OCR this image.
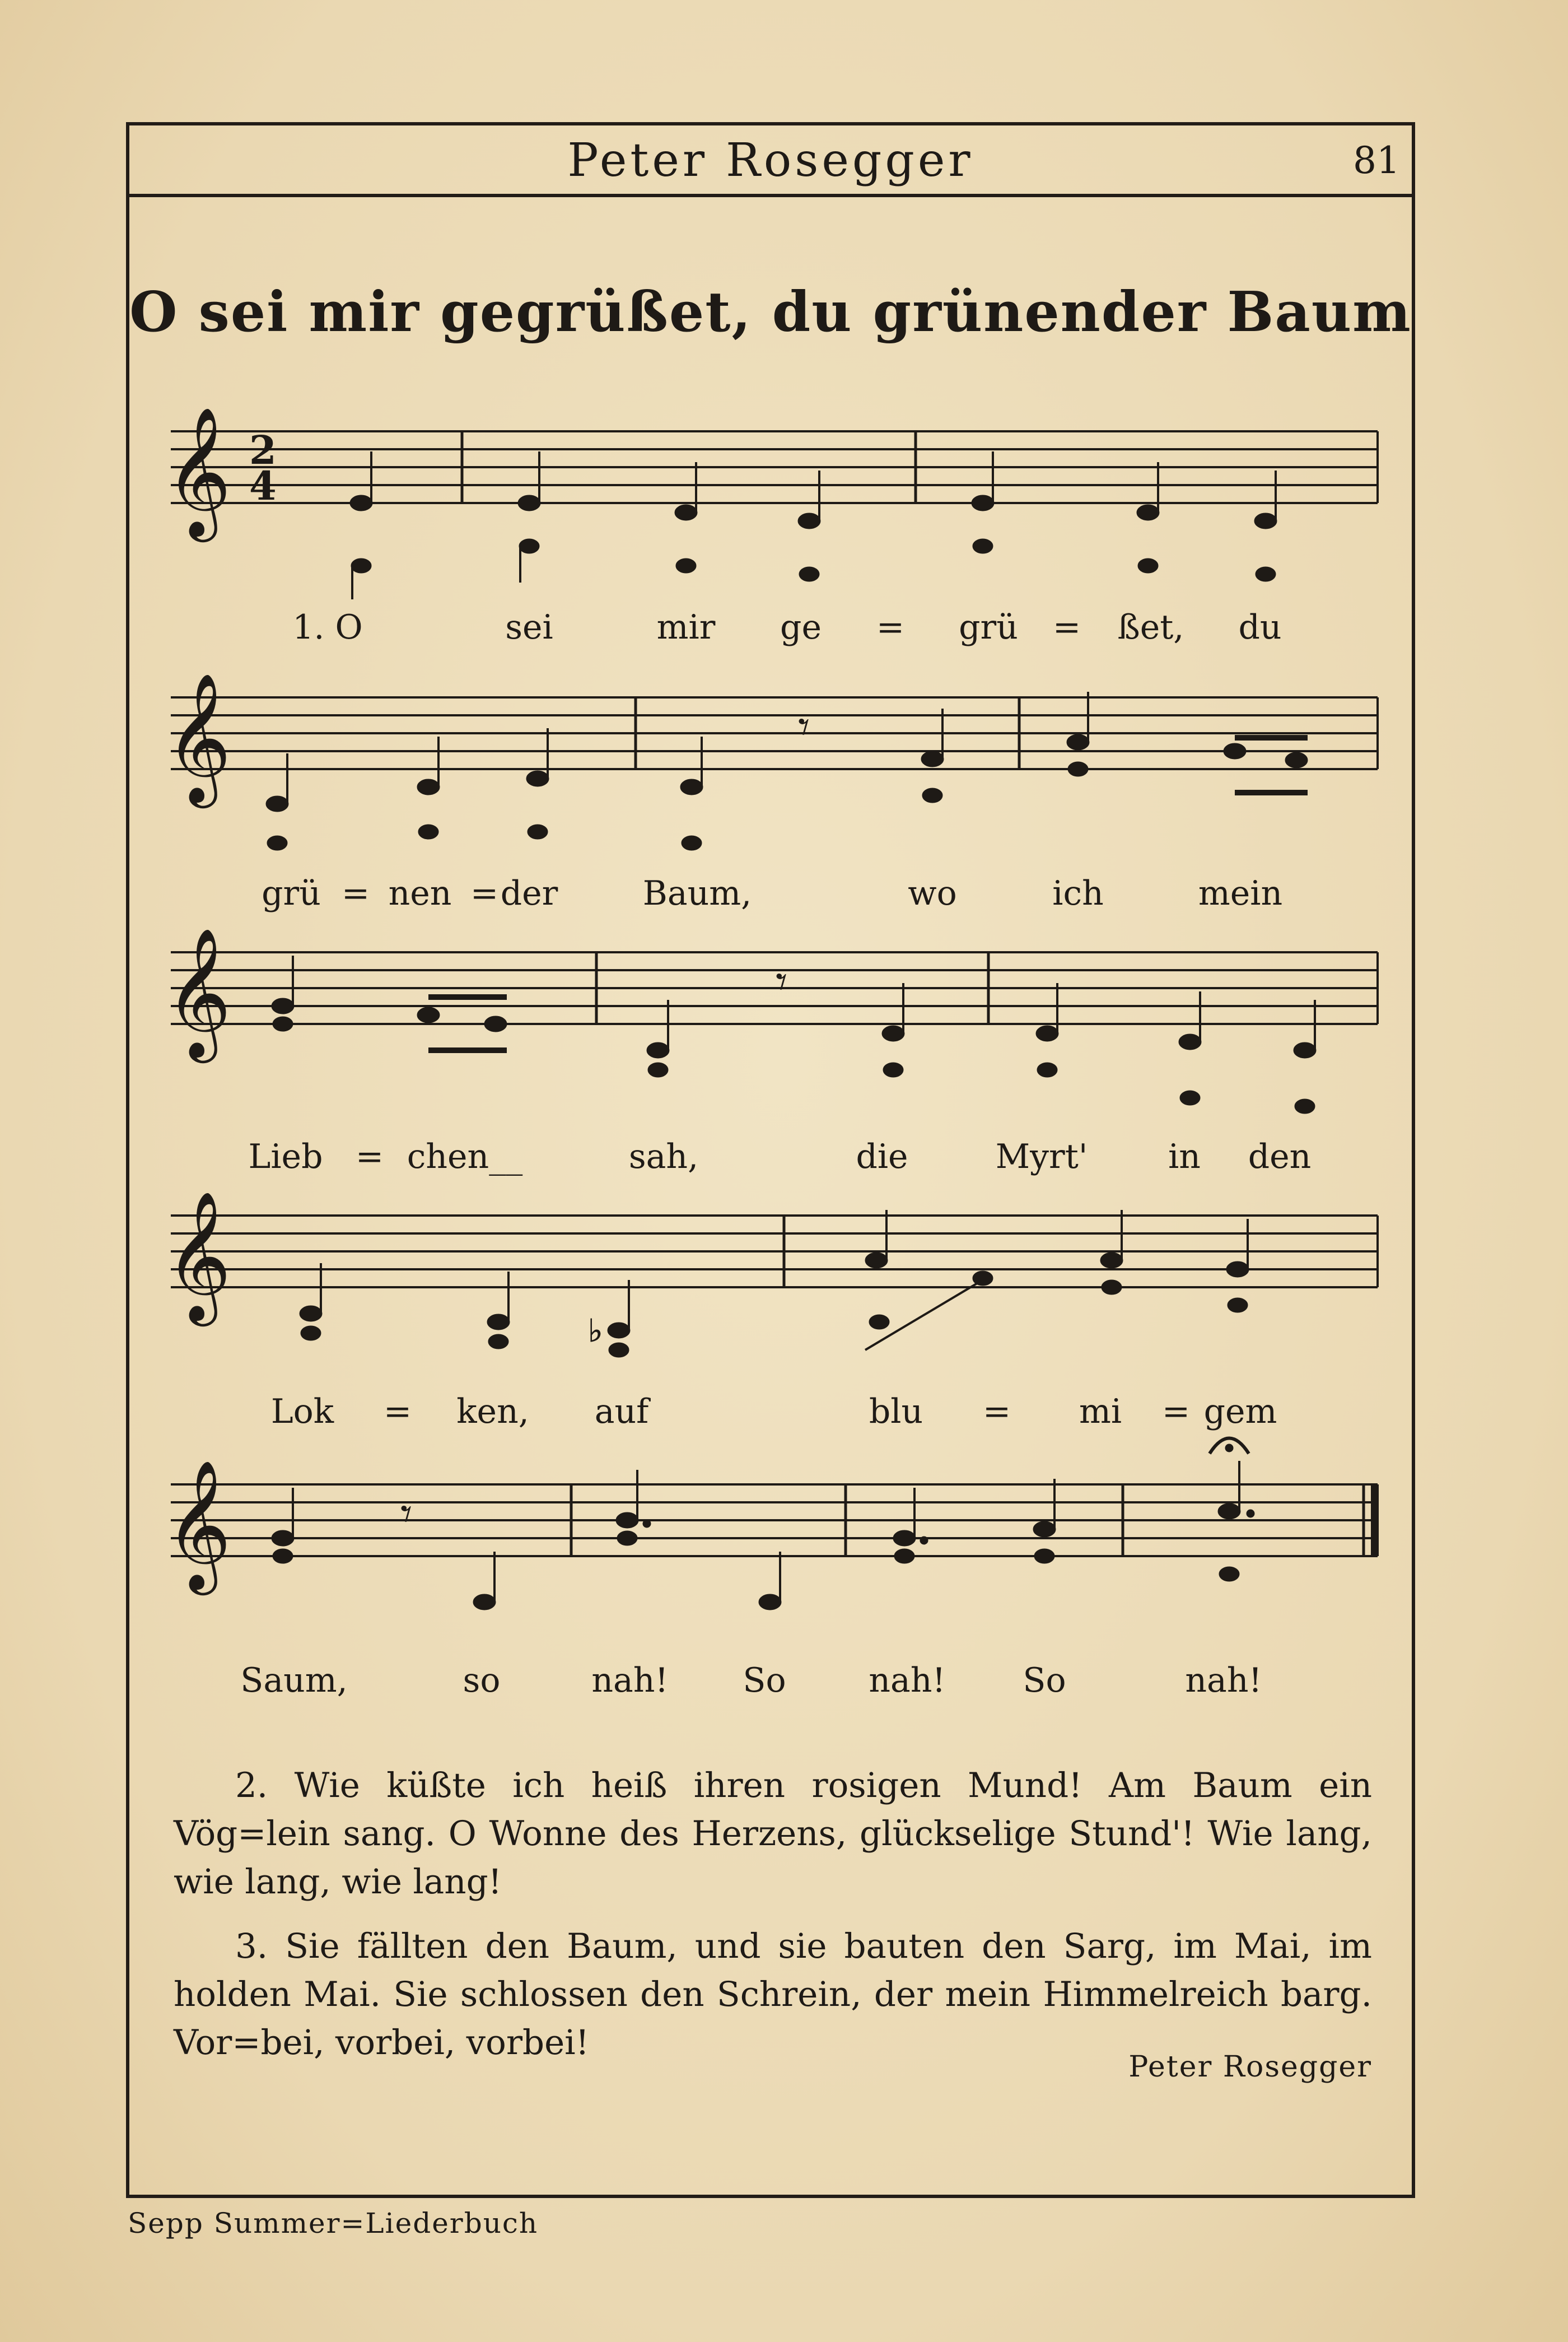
Peter Rosegger	81
O sei mir gegrüßet, du grünender Baum
𝄞 2
4
𝄞	𝄾
𝄞	𝄾
𝄞
♭
𝄞	𝄾
1. O	sei	mir ge = grü = ßet, du
grü = nen = der	Baum,	wo	ich	mein
Lieb = chen__	sah,	die	Myrt' in den
Lok = ken, auf	blu = mi = gem
Saum,	so	nah! So nah! So	nah!

2. Wie küßte ich heiß ihren rosigen Mund! Am Baum ein Vög=lein sang. O Wonne des Herzens, glückselige Stund'! Wie lang, wie lang, wie lang!

3. Sie fällten den Baum, und sie bauten den Sarg, im Mai, im holden Mai. Sie schlossen den Schrein, der mein Himmelreich barg. Vor=bei, vorbei, vorbei!

Peter Rosegger
Sepp Summer=Liederbuch
